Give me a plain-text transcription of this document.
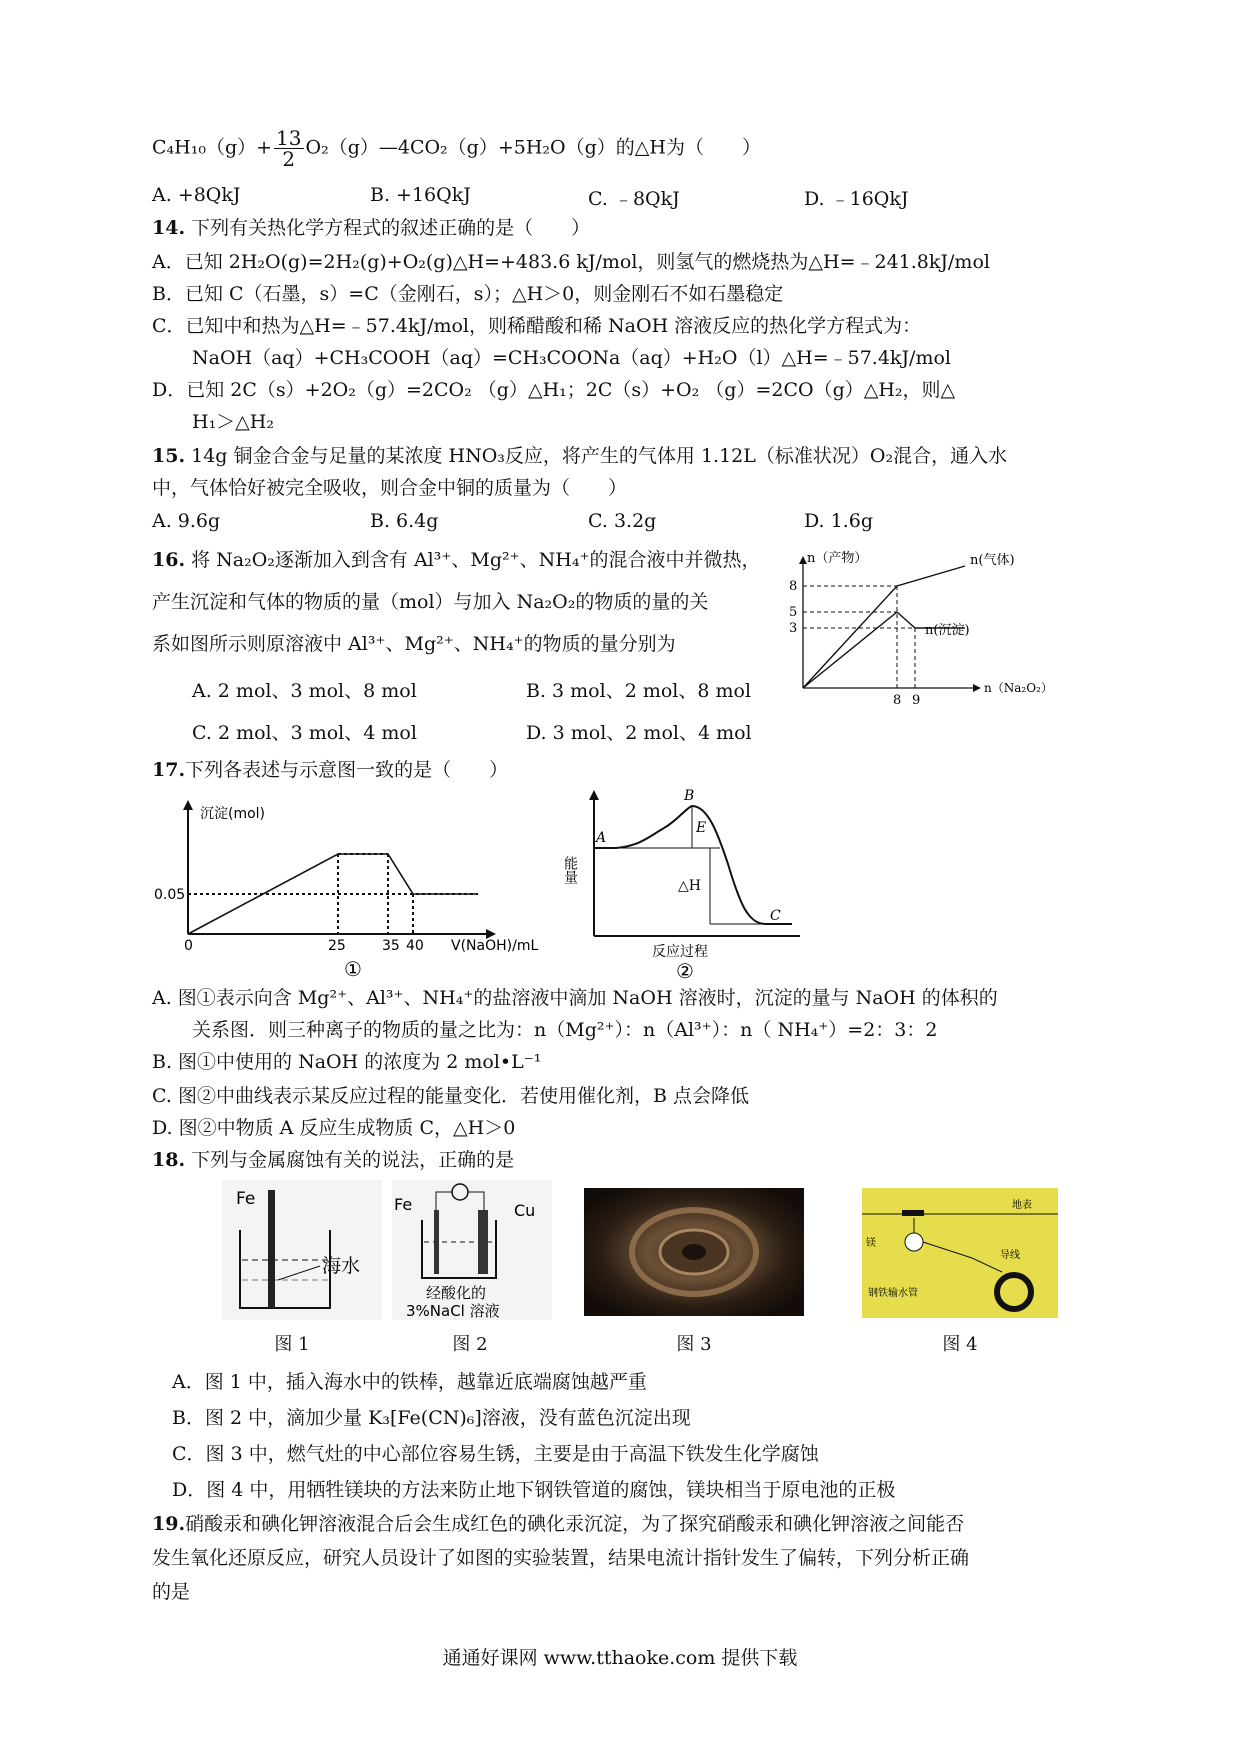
$C_4H_{10}(g)+ \frac{13}{2}$ O₂（g）—4CO₂（g）+5H₂O（g）的△H为（　　）
A. +8QkJ	B. +16QkJ	C. ﹣8QkJ	D. ﹣16QkJ
14. 下列有关热化学方程式的叙述正确的是（　　）
A．已知 2H₂O(g)=2H₂(g)+O₂(g)△H=+483.6 kJ/mol，则氢气的燃烧热为△H=﹣241.8kJ/mol
B．已知 C（石墨，s）=C（金刚石，s）；△H＞0，则金刚石不如石墨稳定
C．已知中和热为△H=﹣57.4kJ/mol，则稀醋酸和稀 NaOH 溶液反应的热化学方程式为：
NaOH（aq）+CH₃COOH（aq）=CH₃COONa（aq）+H₂O（l）△H=﹣57.4kJ/mol
D．已知 2C（s）+2O₂（g）=2CO₂ （g）△H₁；2C（s）+O₂ （g）=2CO（g）△H₂，则△
H₁＞△H₂
15. 14g 铜金合金与足量的某浓度 HNO₃反应，将产生的气体用 1.12L（标准状况）O₂混合，通入水
中，气体恰好被完全吸收，则合金中铜的质量为（　　）
A. 9.6g	B. 6.4g	C. 3.2g	D. 1.6g
16. 将 Na₂O₂逐渐加入到含有 Al³⁺、Mg²⁺、NH₄⁺的混合液中并微热，
产生沉淀和气体的物质的量（mol）与加入 Na₂O₂的物质的量的关
系如图所示则原溶液中 Al³⁺、Mg²⁺、NH₄⁺的物质的量分别为
A. 2 mol、3 mol、8 mol	B. 3 mol、2 mol、8 mol
C. 2 mol、3 mol、4 mol	D. 3 mol、2 mol、4 mol
n（产物）
n（Na₂O₂）
8
5
3
8 9
n(气体)
n(沉淀)
17.下列各表述与示意图一致的是（　　）
沉淀(mol)
V(NaOH)/mL
0.05
0	25	35 40
①
能量
反应过程
A
B
E
△H
C
②
A. 图①表示向含 Mg²⁺、Al³⁺、NH₄⁺的盐溶液中滴加 NaOH 溶液时，沉淀的量与 NaOH 的体积的
关系图．则三种离子的物质的量之比为：n（Mg²⁺）：n（Al³⁺）：n（ NH₄⁺）=2：3：2
B. 图①中使用的 NaOH 的浓度为 2 mol•L⁻¹
C. 图②中曲线表示某反应过程的能量变化．若使用催化剂，B 点会降低
D. 图②中物质 A 反应生成物质 C，△H＞0
18. 下列与金属腐蚀有关的说法，正确的是
Fe
海水
图 1
Fe	Cu
经酸化的
3%NaCl 溶液
图 2	图 3
地表
镁
导线
钢铁输水管
图 4
A．图 1 中，插入海水中的铁棒，越靠近底端腐蚀越严重
B．图 2 中，滴加少量 K₃[Fe(CN)₆]溶液，没有蓝色沉淀出现
C．图 3 中，燃气灶的中心部位容易生锈，主要是由于高温下铁发生化学腐蚀
D．图 4 中，用牺牲镁块的方法来防止地下钢铁管道的腐蚀，镁块相当于原电池的正极
19.硝酸汞和碘化钾溶液混合后会生成红色的碘化汞沉淀，为了探究硝酸汞和碘化钾溶液之间能否
发生氧化还原反应，研究人员设计了如图的实验装置，结果电流计指针发生了偏转，下列分析正确
的是
通通好课网 www.tthaoke.com 提供下载
